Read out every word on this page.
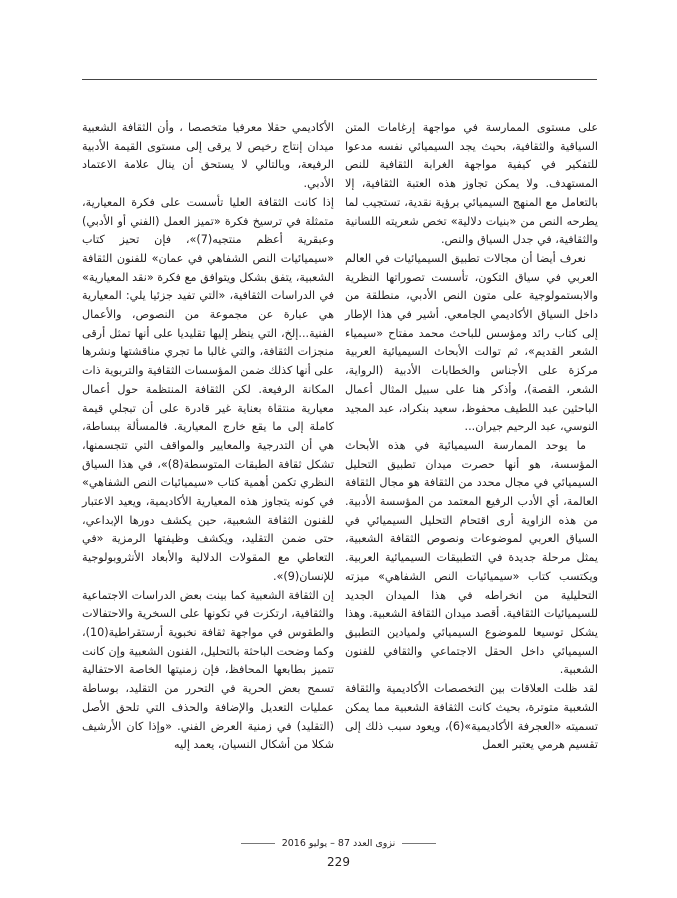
على مستوى الممارسة في مواجهة إرغامات المتن السياقية والثقافية، بحيث يجد السيميائي نفسه مدعوا للتفكير في كيفية مواجهة الغرابة الثقافية للنص المستهدف. ولا يمكن تجاوز هذه العتبة الثقافية، إلا بالتعامل مع المنهج السيميائي برؤية نقدية، تستجيب لما يطرحه النص من «بنيات دلالية» تخص شعريته اللسانية والثقافية، في جدل السياق والنص.

نعرف أيضا أن مجالات تطبيق السيميائيات في العالم العربي في سياق التكون، تأسست تصوراتها النظرية والابستمولوجية على متون النص الأدبي، منطلقة من داخل السياق الأكاديمي الجامعي. أشير في هذا الإطار إلى كتاب رائد ومؤسس للباحث محمد مفتاح «سيمياء الشعر القديم»، ثم توالت الأبحاث السيميائية العربية مركزة على الأجناس والخطابات الأدبية (الرواية، الشعر، القصة)، وأذكر هنا على سبيل المثال أعمال الباحثين عبد اللطيف محفوظ، سعيد بنكراد، عبد المجيد النوسي، عبد الرحيم جيران...

ما يوحد الممارسة السيميائية في هذه الأبحاث المؤسسة، هو أنها حصرت ميدان تطبيق التحليل السيميائي في مجال محدد من الثقافة هو مجال الثقافة العالمة، أي الأدب الرفيع المعتمد من المؤسسة الأدبية. من هذه الزاوية أرى اقتحام التحليل السيميائي في السياق العربي لموضوعات ونصوص الثقافة الشعبية، يمثل مرحلة جديدة في التطبيقات السيميائية العربية. ويكتسب كتاب «سيميائيات النص الشفاهي» ميزته التحليلية من انخراطه في هذا الميدان الجديد للسيميائيات الثقافية. أقصد ميدان الثقافة الشعبية. وهذا يشكل توسيعا للموضوع السيميائي ولميادين التطبيق السيميائي داخل الحقل الاجتماعي والثقافي للفنون الشعبية.

لقد ظلت العلاقات بين التخصصات الأكاديمية والثقافة الشعبية متوترة، بحيث كانت الثقافة الشعبية مما يمكن تسميته «العجرفة الأكاديمية»(6)، ويعود سبب ذلك إلى تقسيم هرمي يعتبر العمل

الأكاديمي حقلا معرفيا متخصصا ، وأن الثقافة الشعبية ميدان إنتاج رخيص لا يرقى إلى مستوى القيمة الأدبية الرفيعة، وبالتالي لا يستحق أن ينال علامة الاعتماد الأدبي.

إذا كانت الثقافة العليا تأسست على فكرة المعيارية، متمثلة في ترسيخ فكرة «تميز العمل (الفني أو الأدبي) وعبقرية أعظم منتجيه(7)»، فإن تحيز كتاب «سيميائيات النص الشفاهي في عمان» للفنون الثقافة الشعبية، يتفق بشكل ويتوافق مع فكرة «نقد المعيارية» في الدراسات الثقافية، «التي تفيد جزئيا يلي: المعيارية هي عبارة عن مجموعة من النصوص، والأعمال الفنية...إلخ، التي ينظر إليها تقليديا على أنها تمثل أرقى منجزات الثقافة، والتي غالبا ما تجري مناقشتها ونشرها على أنها كذلك ضمن المؤسسات الثقافية والتربوية ذات المكانة الرفيعة. لكن الثقافة المنتظمة حول أعمال معيارية منتقاة بعناية غير قادرة على أن تبجلي قيمة كاملة إلى ما يقع خارج المعيارية. فالمسألة ببساطة، هي أن التدرجية والمعايير والمواقف التي تتجسمنها، تشكل ثقافة الطبقات المتوسطة(8)»، في هذا السياق النظري تكمن أهمية كتاب «سيميائيات النص الشفاهي» في كونه يتجاوز هذه المعيارية الأكاديمية، ويعيد الاعتبار للفنون الثقافة الشعبية، حين يكشف دورها الإبداعي، حتى ضمن التقليد، ويكشف وظيفتها الرمزية «في التعاطي مع المقولات الدلالية والأبعاد الأنثروبولوجية للإنسان(9)».

إن الثقافة الشعبية كما بينت بعض الدراسات الاجتماعية والثقافية، ارتكزت في تكونها على السخرية والاحتفالات والطقوس في مواجهة ثقافة نخبوية أرستقراطية(10)، وكما وضحت الباحثة بالتحليل، الفنون الشعبية وإن كانت تتميز بطابعها المحافظ، فإن زمنيتها الخاصة الاحتفالية تسمح بعض الحرية في التحرر من التقليد، بوساطة عمليات التعديل والإضافة والحذف التي تلحق الأصل (التقليد) في زمنية العرض الفني. «وإذا كان الأرشيف شكلا من أشكال النسيان، يعمد إليه

نزوى العدد 87 – يوليو 2016
229
